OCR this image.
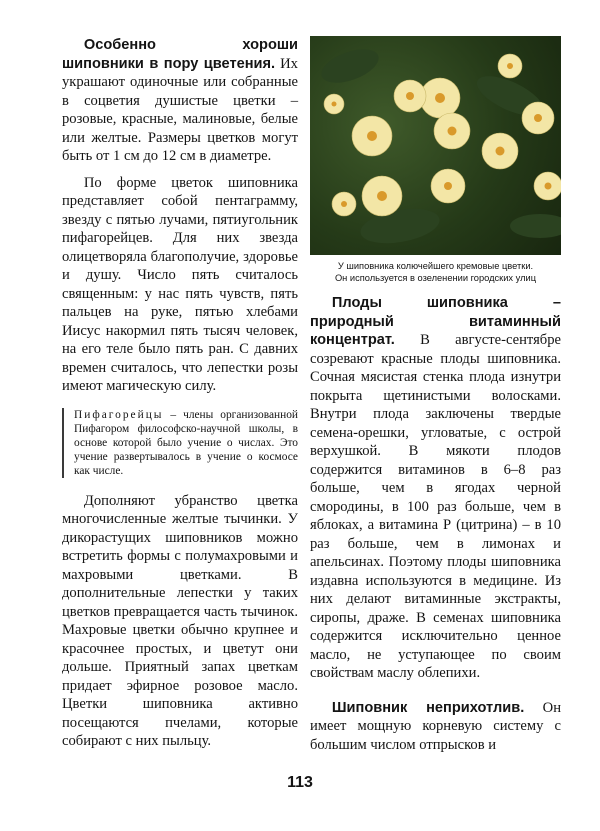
Особенно хороши шиповники в пору цветения. Их украшают одиночные или собранные в соцветия душистые цветки – розовые, красные, малиновые, белые или желтые. Размеры цветков могут быть от 1 см до 12 см в диаметре.

По форме цветок шиповника представляет собой пентаграмму, звезду с пятью лучами, пятиугольник пифагорейцев. Для них звезда олицетворяла благополучие, здоровье и душу. Число пять считалось священным: у нас пять чувств, пять пальцев на руке, пятью хлебами Иисус накормил пять тысяч человек, на его теле было пять ран. С давних времен считалось, что лепестки розы имеют магическую силу.

Пифагорейцы – члены организованной Пифагором философско-научной школы, в основе которой было учение о числах. Это учение развертывалось в учение о космосе как числе.

Дополняют убранство цветка многочисленные желтые тычинки. У дикорастущих шиповников можно встретить формы с полумахровыми и махровыми цветками. В дополнительные лепестки у таких цветков превращается часть тычинок. Махровые цветки обычно крупнее и красочнее простых, и цветут они дольше. Приятный запах цветкам придает эфирное розовое масло. Цветки шиповника активно посещаются пчелами, которые собирают с них пыльцу.

У шиповника колючейшего кремовые цветки.
Он используется в озеленении городских улиц

Плоды шиповника – природный витаминный концентрат. В августе-сентябре созревают красные плоды шиповника. Сочная мясистая стенка плода изнутри покрыта щетинистыми волосками. Внутри плода заключены твердые семена-орешки, угловатые, с острой верхушкой. В мякоти плодов содержится витаминов в 6–8 раз больше, чем в ягодах черной смородины, в 100 раз больше, чем в яблоках, а витамина Р (цитрина) – в 10 раз больше, чем в лимонах и апельсинах. Поэтому плоды шиповника издавна используются в медицине. Из них делают витаминные экстракты, сиропы, драже. В семенах шиповника содержится исключительно ценное масло, не уступающее по своим свойствам маслу облепихи.

Шиповник неприхотлив. Он имеет мощную корневую систему с большим числом отпрысков и

113
